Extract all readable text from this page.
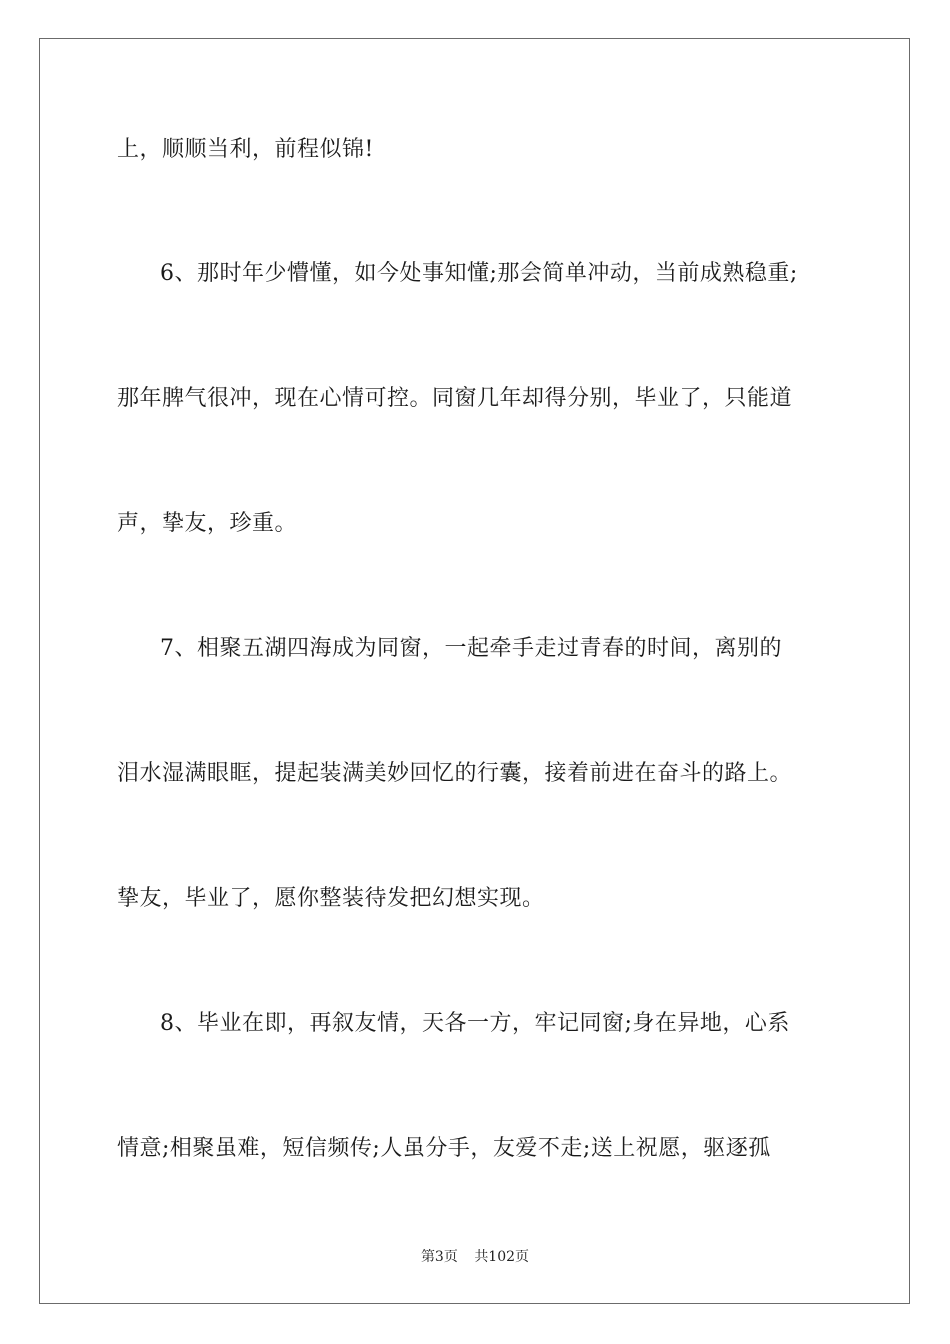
上，顺顺当利，前程似锦!
6、那时年少懵懂，如今处事知懂;那会简单冲动，当前成熟稳重;
那年脾气很冲，现在心情可控。同窗几年却得分别，毕业了，只能道
声，挚友，珍重。
7、相聚五湖四海成为同窗，一起牵手走过青春的时间，离别的
泪水湿满眼眶，提起装满美妙回忆的行囊，接着前进在奋斗的路上。
挚友，毕业了，愿你整装待发把幻想实现。
8、毕业在即，再叙友情，天各一方，牢记同窗;身在异地，心系
情意;相聚虽难，短信频传;人虽分手，友爱不走;送上祝愿，驱逐孤
第3页 共102页
